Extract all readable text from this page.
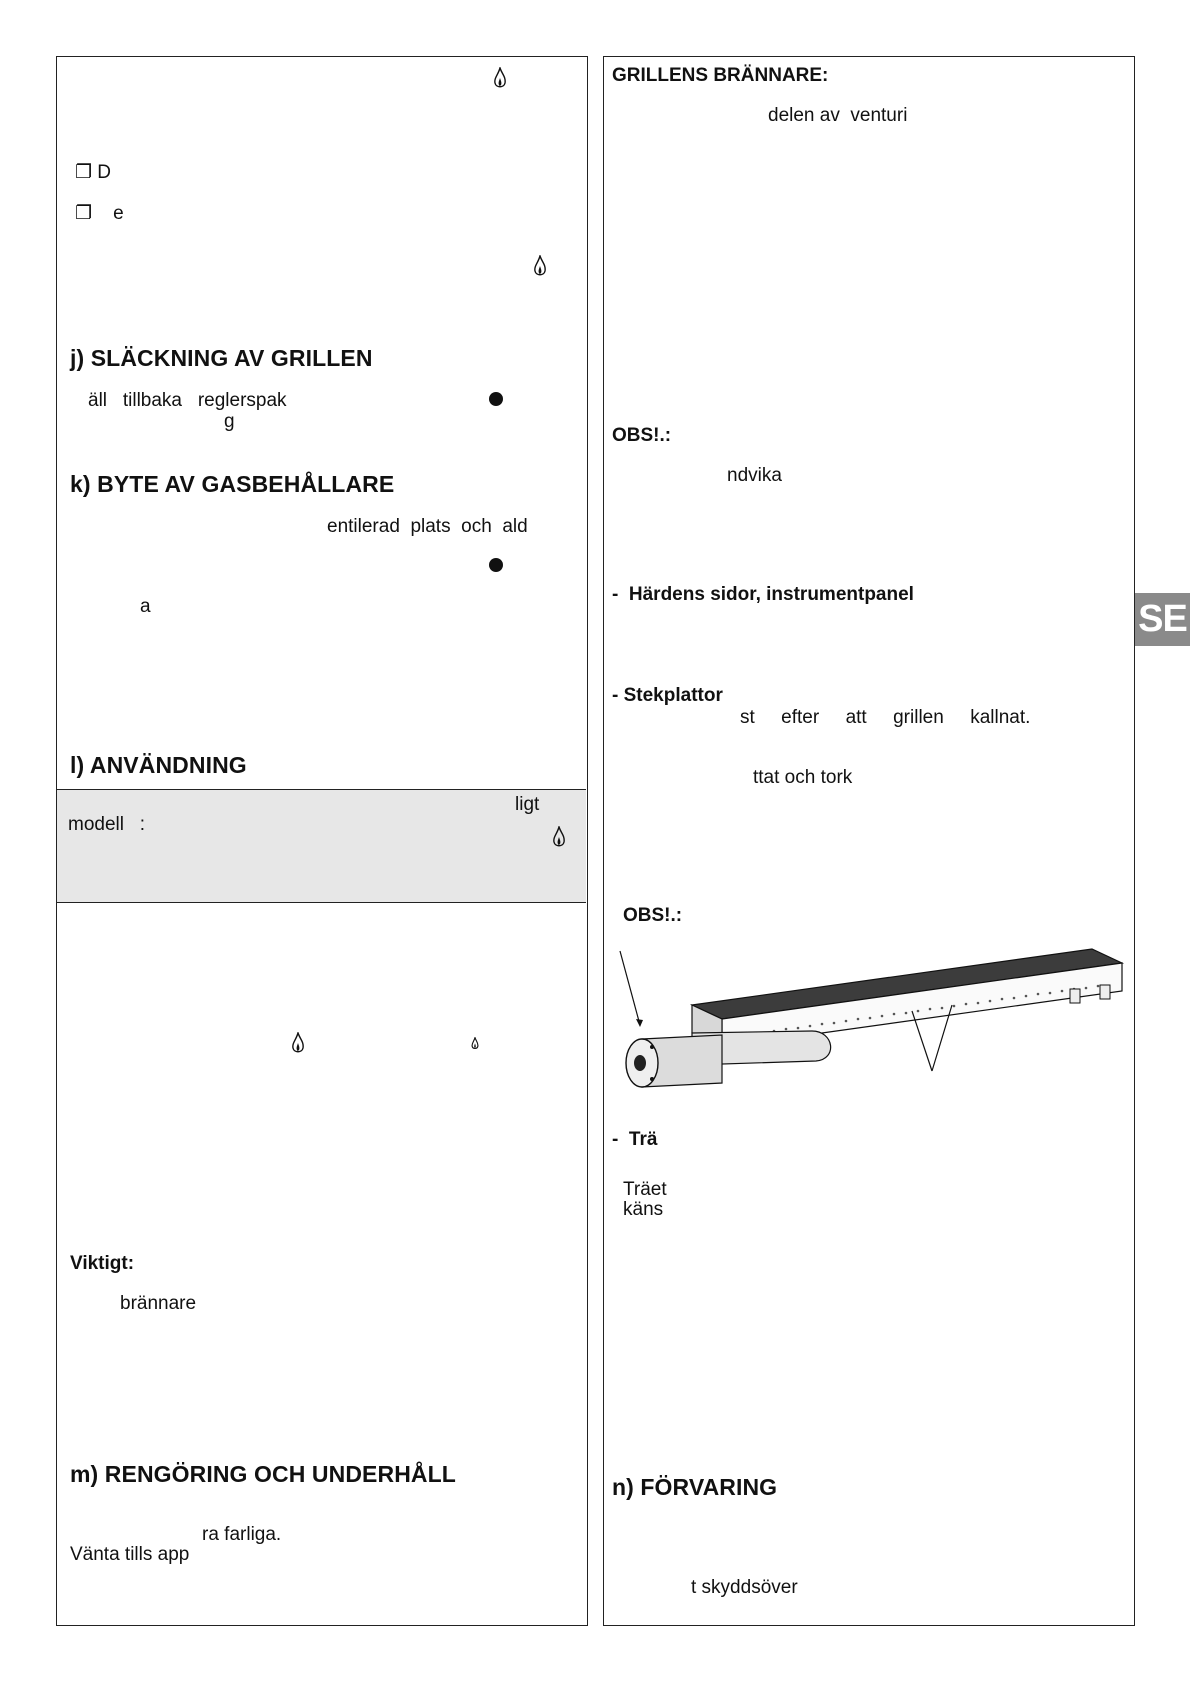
❐ D
❐    e
j) SLÄCKNING AV GRILLEN
äll   tillbaka   reglerspak
g
k) BYTE AV GASBEHÅLLARE
entilerad  plats  och  ald
a
l) ANVÄNDNING
ligt
modell   :
Viktigt:
brännare
m) RENGÖRING OCH UNDERHÅLL
ra farliga.
Vänta tills app
GRILLENS BRÄNNARE:
delen av  venturi
OBS!.:
ndvika
-  Härdens sidor, instrumentpanel
- Stekplattor
st     efter     att     grillen     kallnat.
ttat och tork
OBS!.:
-  Trä
Träet
käns
n) FÖRVARING
t skyddsöver
SE
